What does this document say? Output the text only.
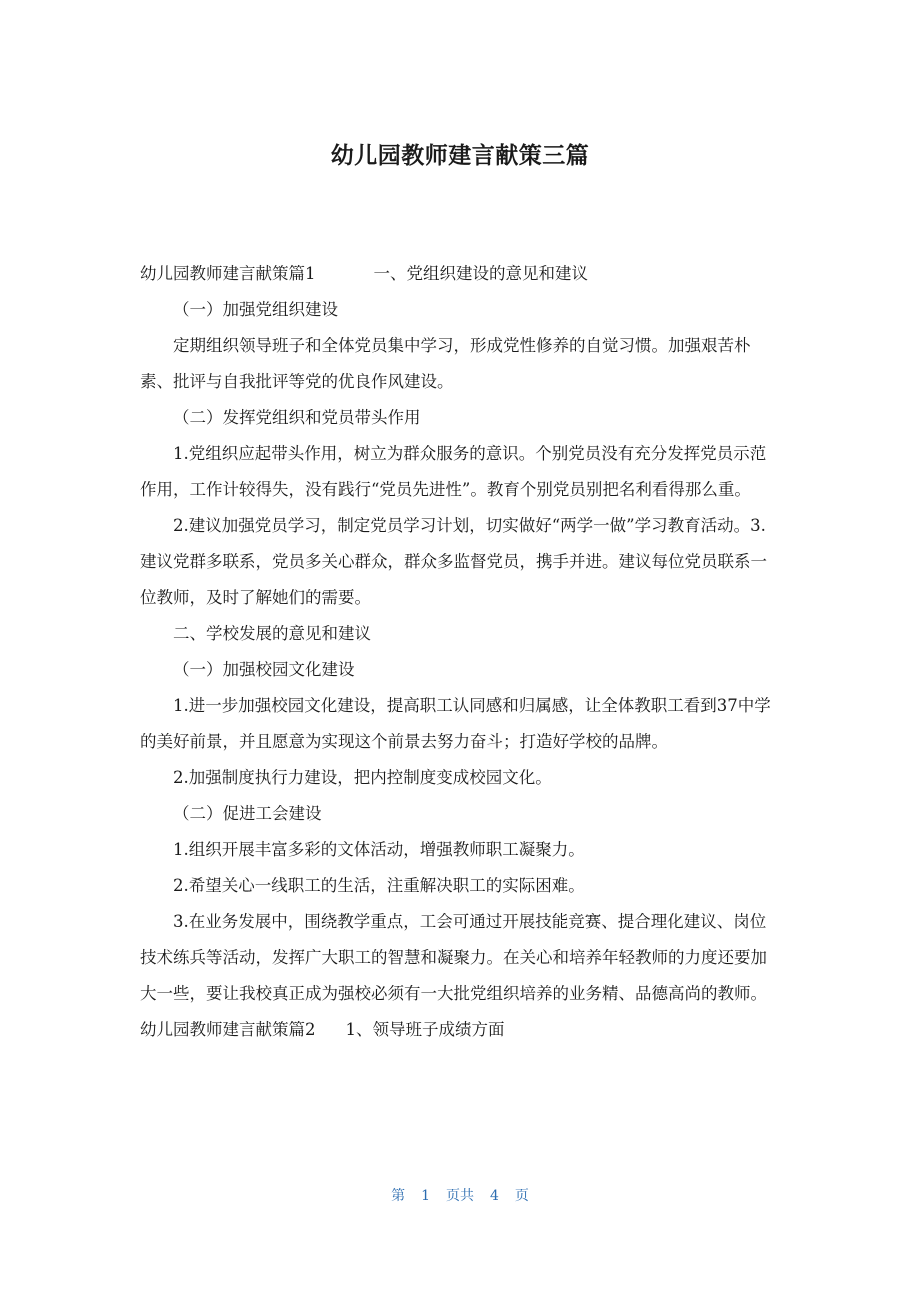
幼儿园教师建言献策三篇

幼儿园教师建言献策篇1	一、党组织建设的意见和建议

（一）加强党组织建设

定期组织领导班子和全体党员集中学习，形成党性修养的自觉习惯。加强艰苦朴素、批评与自我批评等党的优良作风建设。

（二）发挥党组织和党员带头作用

1.党组织应起带头作用，树立为群众服务的意识。个别党员没有充分发挥党员示范作用，工作计较得失，没有践行“党员先进性”。教育个别党员别把名利看得那么重。

2.建议加强党员学习，制定党员学习计划，切实做好“两学一做”学习教育活动。3.建议党群多联系，党员多关心群众，群众多监督党员，携手并进。建议每位党员联系一位教师，及时了解她们的需要。

二、学校发展的意见和建议

（一）加强校园文化建设

1.进一步加强校园文化建设，提高职工认同感和归属感，让全体教职工看到37中学的美好前景，并且愿意为实现这个前景去努力奋斗；打造好学校的品牌。

2.加强制度执行力建设，把内控制度变成校园文化。

（二）促进工会建设

1.组织开展丰富多彩的文体活动，增强教师职工凝聚力。

2.希望关心一线职工的生活，注重解决职工的实际困难。

3.在业务发展中，围绕教学重点，工会可通过开展技能竞赛、提合理化建议、岗位技术练兵等活动，发挥广大职工的智慧和凝聚力。在关心和培养年轻教师的力度还要加大一些，要让我校真正成为强校必须有一大批党组织培养的业务精、品德高尚的教师。

幼儿园教师建言献策篇2 1、领导班子成绩方面

第 1 页共 4 页
